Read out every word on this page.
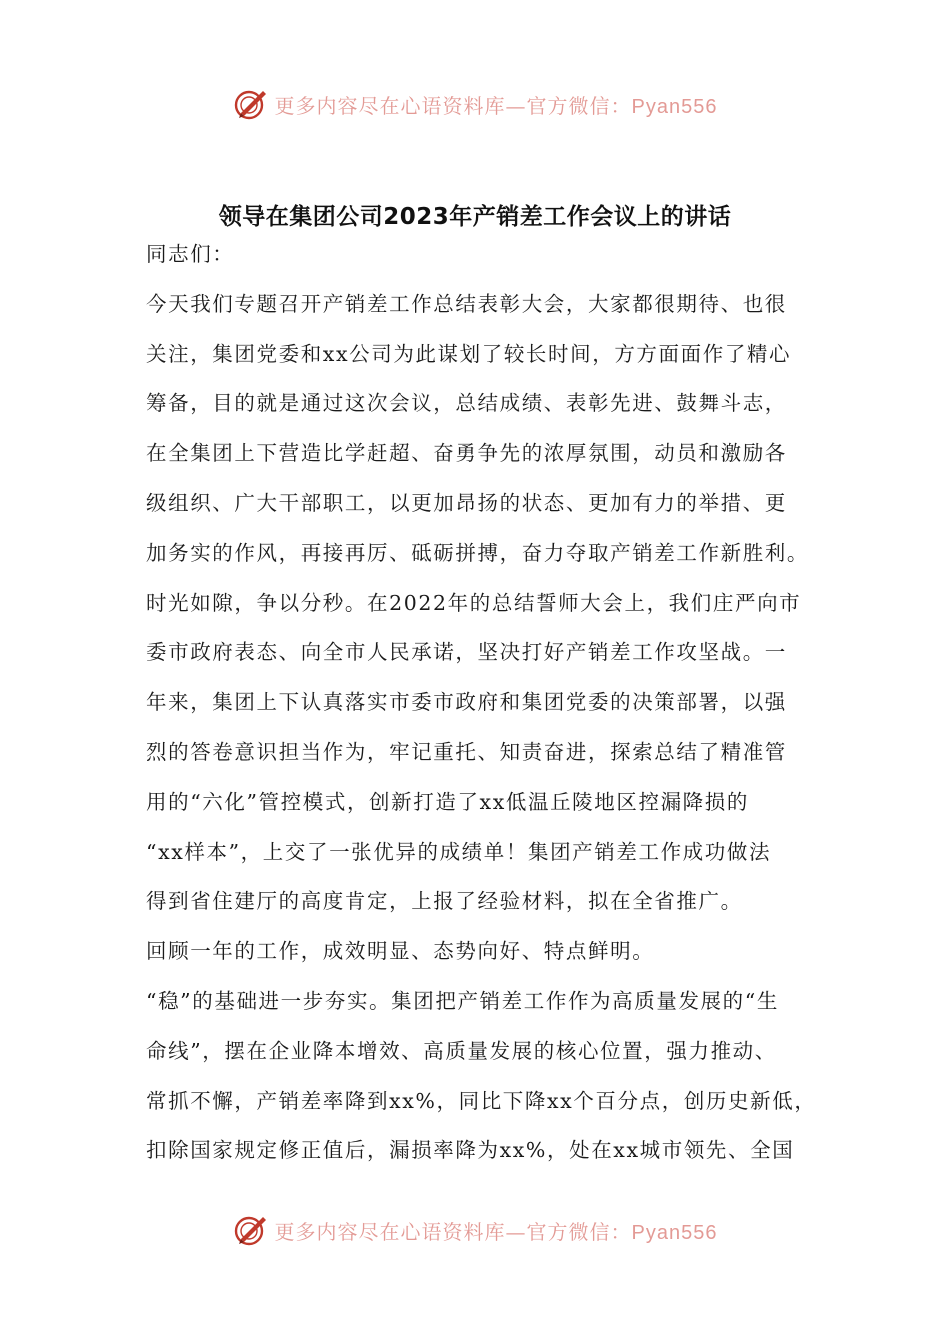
更多内容尽在心语资料库—官方微信：Pyan556
领导在集团公司2023年产销差工作会议上的讲话
同志们：
今天我们专题召开产销差工作总结表彰大会，大家都很期待、也很
关注，集团党委和xx公司为此谋划了较长时间，方方面面作了精心
筹备，目的就是通过这次会议，总结成绩、表彰先进、鼓舞斗志，
在全集团上下营造比学赶超、奋勇争先的浓厚氛围，动员和激励各
级组织、广大干部职工，以更加昂扬的状态、更加有力的举措、更
加务实的作风，再接再厉、砥砺拼搏，奋力夺取产销差工作新胜利。
时光如隙，争以分秒。在2022年的总结誓师大会上，我们庄严向市
委市政府表态、向全市人民承诺，坚决打好产销差工作攻坚战。一
年来，集团上下认真落实市委市政府和集团党委的决策部署，以强
烈的答卷意识担当作为，牢记重托、知责奋进，探索总结了精准管
用的“六化”管控模式，创新打造了xx低温丘陵地区控漏降损的
“xx样本”，上交了一张优异的成绩单！集团产销差工作成功做法
得到省住建厅的高度肯定，上报了经验材料，拟在全省推广。
回顾一年的工作，成效明显、态势向好、特点鲜明。
“稳”的基础进一步夯实。集团把产销差工作作为高质量发展的“生
命线”，摆在企业降本增效、高质量发展的核心位置，强力推动、
常抓不懈，产销差率降到xx%，同比下降xx个百分点，创历史新低，
扣除国家规定修正值后，漏损率降为xx%，处在xx城市领先、全国
更多内容尽在心语资料库—官方微信：Pyan556
